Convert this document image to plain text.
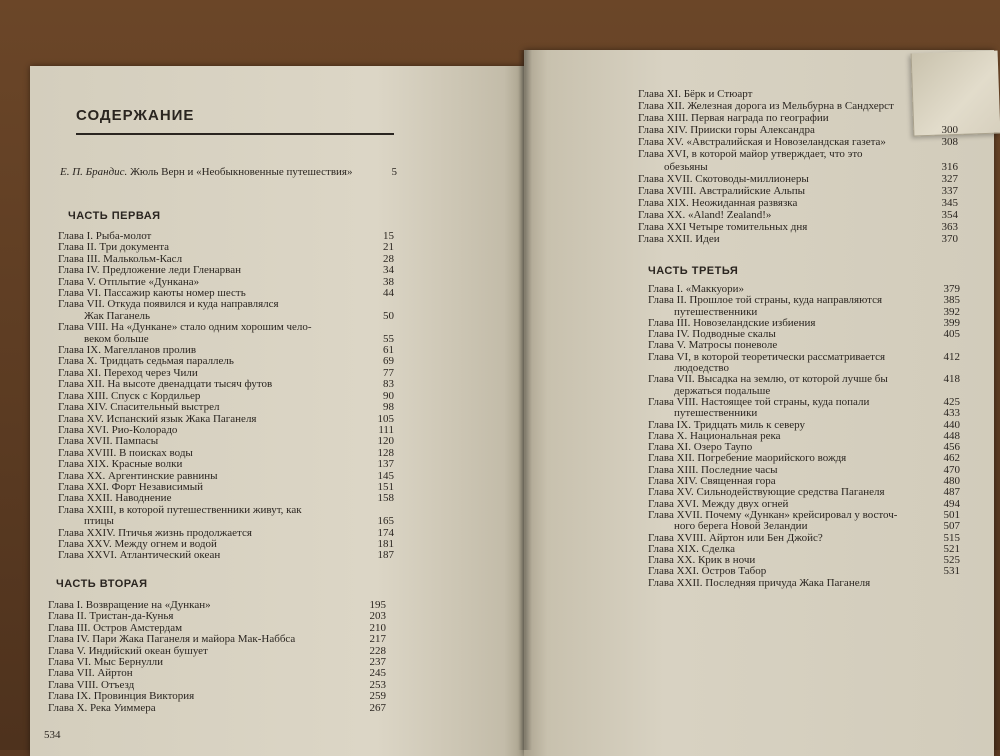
СОДЕРЖАНИЕ
Е. П. Брандис. Жюль Верн и «Необыкновенные путешествия»	5
ЧАСТЬ ПЕРВАЯ
Глава I. Рыба-молот	15
Глава II. Три документа	21
Глава III. Малькольм-Касл	28
Глава IV. Предложение леди Гленарван	34
Глава V. Отплытие «Дункана»	38
Глава VI. Пассажир каюты номер шесть	44
Глава VII. Откуда появился и куда направлялся
Жак Паганель	50
Глава VIII. На «Дункане» стало одним хорошим чело-
веком больше	55
Глава IX. Магелланов пролив	61
Глава X. Тридцать седьмая параллель	69
Глава XI. Переход через Чили	77
Глава XII. На высоте двенадцати тысяч футов	83
Глава XIII. Спуск с Кордильер	90
Глава XIV. Спасительный выстрел	98
Глава XV. Испанский язык Жака Паганеля	105
Глава XVI. Рио-Колорадо	111
Глава XVII. Пампасы	120
Глава XVIII. В поисках воды	128
Глава XIX. Красные волки	137
Глава XX. Аргентинские равнины	145
Глава XXI. Форт Независимый	151
Глава XXII. Наводнение	158
Глава XXIII, в которой путешественники живут, как
птицы	165
Глава XXIV. Птичья жизнь продолжается	174
Глава XXV. Между огнем и водой	181
Глава XXVI. Атлантический океан	187
ЧАСТЬ ВТОРАЯ
Глава I. Возвращение на «Дункан»	195
Глава II. Тристан-да-Кунья	203
Глава III. Остров Амстердам	210
Глава IV. Пари Жака Паганеля и майора Мак-Наббса	217
Глава V. Индийский океан бушует	228
Глава VI. Мыс Бернулли	237
Глава VII. Айртон	245
Глава VIII. Отъезд	253
Глава IX. Провинция Виктория	259
Глава X. Река Уиммера	267
534
Глава XI. Бёрк и Стюарт
Глава XII. Железная дорога из Мельбурна в Сандхерст
Глава XIII. Первая награда по географии
Глава XIV. Прииски горы Александра	300
Глава XV. «Австралийская и Новозеландская газета»	308
Глава XVI, в которой майор утверждает, что это
обезьяны	316
Глава XVII. Скотоводы-миллионеры	327
Глава XVIII. Австралийские Альпы	337
Глава XIX. Неожиданная развязка	345
Глава XX. «Aland! Zealand!»	354
Глава XXI Четыре томительных дня	363
Глава XXII. Идеи	370
ЧАСТЬ ТРЕТЬЯ
Глава I. «Маккуори»	379
Глава II. Прошлое той страны, куда направляются	385
путешественники	392
Глава III. Новозеландские избиения	399
Глава IV. Подводные скалы	405
Глава V. Матросы поневоле
Глава VI, в которой теоретически рассматривается	412
людоедство
Глава VII. Высадка на землю, от которой лучше бы	418
держаться подальше
Глава VIII. Настоящее той страны, куда попали	425
путешественники	433
Глава IX. Тридцать миль к северу	440
Глава X. Национальная река	448
Глава XI. Озеро Таупо	456
Глава XII. Погребение маорийского вождя	462
Глава XIII. Последние часы	470
Глава XIV. Священная гора	480
Глава XV. Сильнодействующие средства Паганеля	487
Глава XVI. Между двух огней	494
Глава XVII. Почему «Дункан» крейсировал у восточ-	501
ного берега Новой Зеландии	507
Глава XVIII. Айртон или Бен Джойс?	515
Глава XIX. Сделка	521
Глава XX. Крик в ночи	525
Глава XXI. Остров Табор	531
Глава XXII. Последняя причуда Жака Паганеля
